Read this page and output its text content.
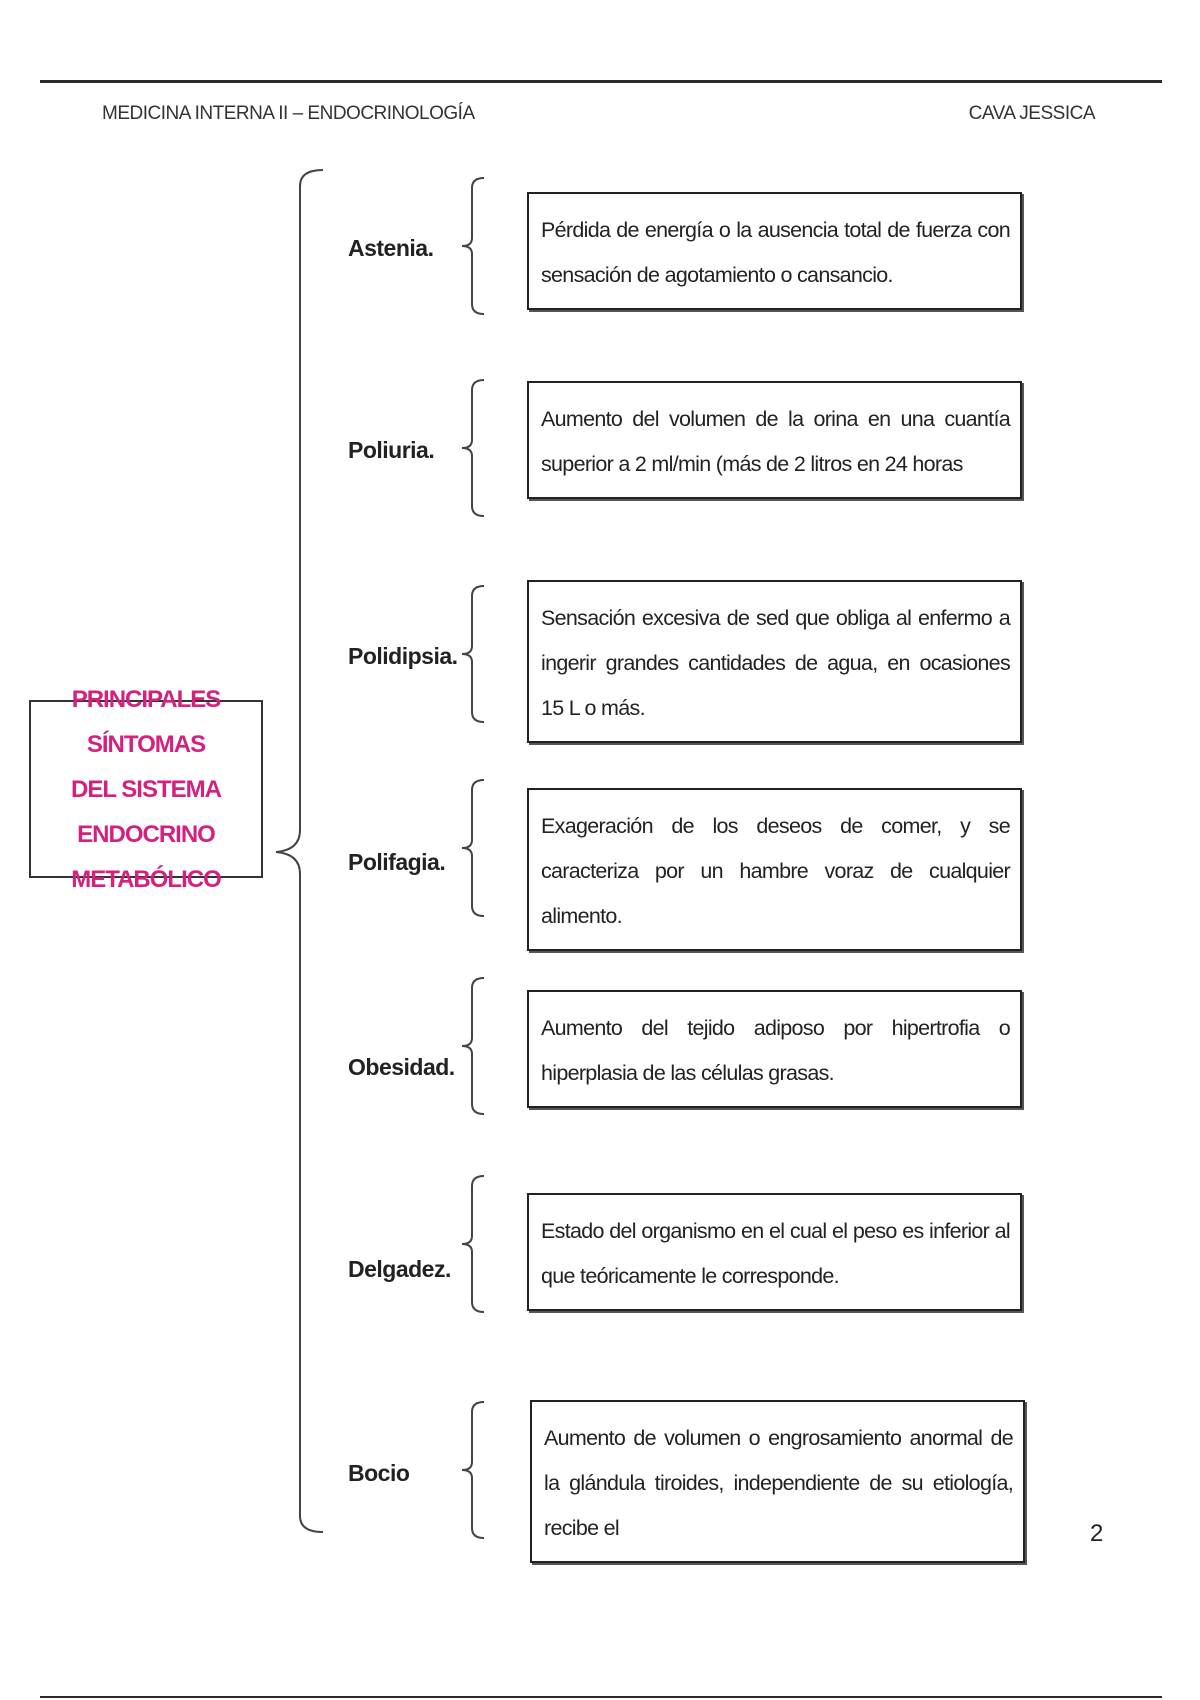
MEDICINA INTERNA II – ENDOCRINOLOGÍA	CAVA JESSICA
PRINCIPALES SÍNTOMAS
DEL SISTEMA ENDOCRINO
METABÓLICO
Astenia.
Pérdida de energía o la ausencia total de fuerza con sensación de agotamiento o cansancio.
Poliuria.
Aumento del volumen de la orina en una cuantía superior a 2 ml/min (más de 2 litros en 24 horas
Polidipsia.
Sensación excesiva de sed que obliga al enfermo a ingerir grandes cantidades de agua, en ocasiones 15 L o más.
Polifagia.
Exageración de los deseos de comer, y se caracteriza por un hambre voraz de cualquier alimento.
Obesidad.
Aumento del tejido adiposo por hipertrofia o hiperplasia de las células grasas.
Delgadez.
Estado del organismo en el cual el peso es inferior al que teóricamente le corresponde.
Bocio
Aumento de volumen o engrosamiento anormal de la glándula tiroides, independiente de su etiología, recibe el	2
